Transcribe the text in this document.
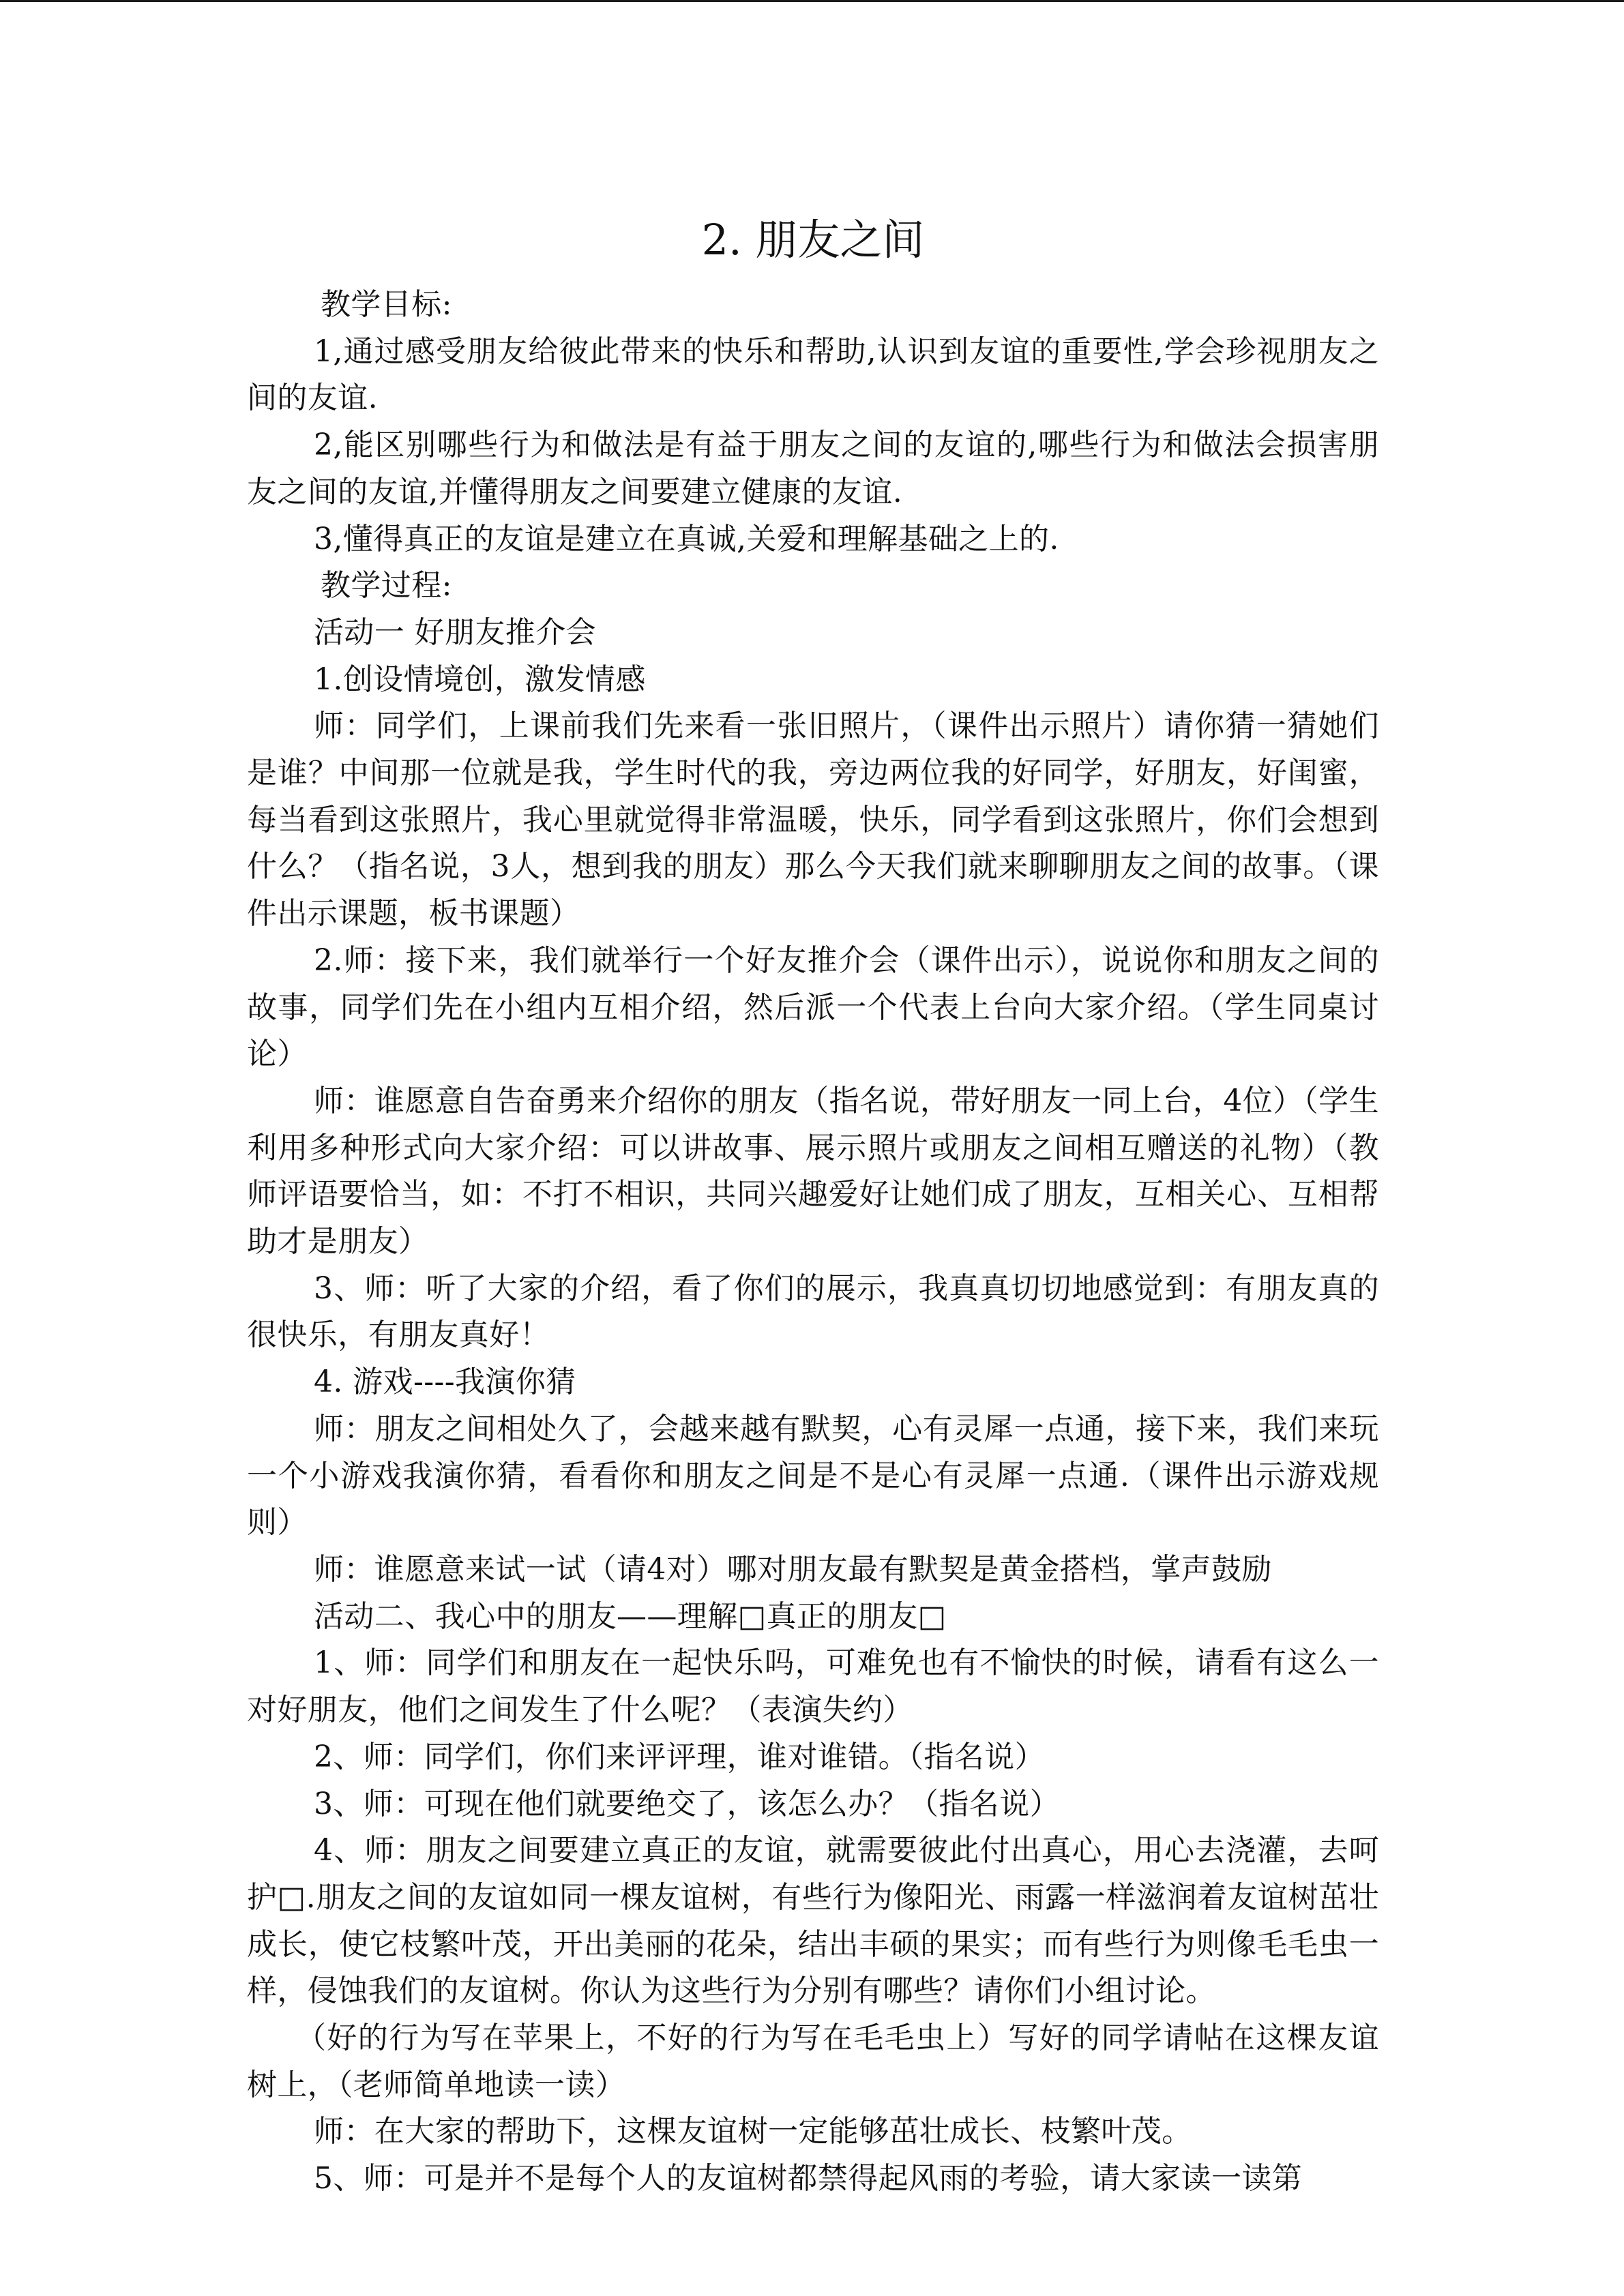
2. 朋友之间

教学目标:

1,通过感受朋友给彼此带来的快乐和帮助,认识到友谊的重要性,学会珍视朋友之间的友谊.

2,能区别哪些行为和做法是有益于朋友之间的友谊的,哪些行为和做法会损害朋友之间的友谊,并懂得朋友之间要建立健康的友谊.

3,懂得真正的友谊是建立在真诚,关爱和理解基础之上的.

教学过程:

活动一 好朋友推介会

1.创设情境创，激发情感

师：同学们，上课前我们先来看一张旧照片，（课件出示照片）请你猜一猜她们是谁？中间那一位就是我，学生时代的我，旁边两位我的好同学，好朋友，好闺蜜，每当看到这张照片，我心里就觉得非常温暖，快乐，同学看到这张照片，你们会想到什么？（指名说，3人，想到我的朋友）那么今天我们就来聊聊朋友之间的故事。（课件出示课题，板书课题）

2.师：接下来，我们就举行一个好友推介会（课件出示），说说你和朋友之间的故事，同学们先在小组内互相介绍，然后派一个代表上台向大家介绍。（学生同桌讨论）

师：谁愿意自告奋勇来介绍你的朋友（指名说，带好朋友一同上台，4位）（学生利用多种形式向大家介绍：可以讲故事、展示照片或朋友之间相互赠送的礼物）（教师评语要恰当，如：不打不相识，共同兴趣爱好让她们成了朋友，互相关心、互相帮助才是朋友）

3、师：听了大家的介绍，看了你们的展示，我真真切切地感觉到：有朋友真的很快乐，有朋友真好！

4. 游戏----我演你猜

师：朋友之间相处久了，会越来越有默契，心有灵犀一点通，接下来，我们来玩一个小游戏我演你猜，看看你和朋友之间是不是心有灵犀一点通.（课件出示游戏规则）

师：谁愿意来试一试（请4对）哪对朋友最有默契是黄金搭档，掌声鼓励

活动二、我心中的朋友——理解□真正的朋友□

1、师：同学们和朋友在一起快乐吗，可难免也有不愉快的时候，请看有这么一对好朋友，他们之间发生了什么呢？（表演失约）

2、师：同学们，你们来评评理，谁对谁错。（指名说）

3、师：可现在他们就要绝交了，该怎么办？（指名说）

4、师：朋友之间要建立真正的友谊，就需要彼此付出真心，用心去浇灌，去呵护□.朋友之间的友谊如同一棵友谊树，有些行为像阳光、雨露一样滋润着友谊树茁壮成长，使它枝繁叶茂，开出美丽的花朵，结出丰硕的果实；而有些行为则像毛毛虫一样，侵蚀我们的友谊树。你认为这些行为分别有哪些？请你们小组讨论。

（好的行为写在苹果上，不好的行为写在毛毛虫上）写好的同学请帖在这棵友谊树上，（老师简单地读一读）

师：在大家的帮助下，这棵友谊树一定能够茁壮成长、枝繁叶茂。

5、师：可是并不是每个人的友谊树都禁得起风雨的考验，请大家读一读第
